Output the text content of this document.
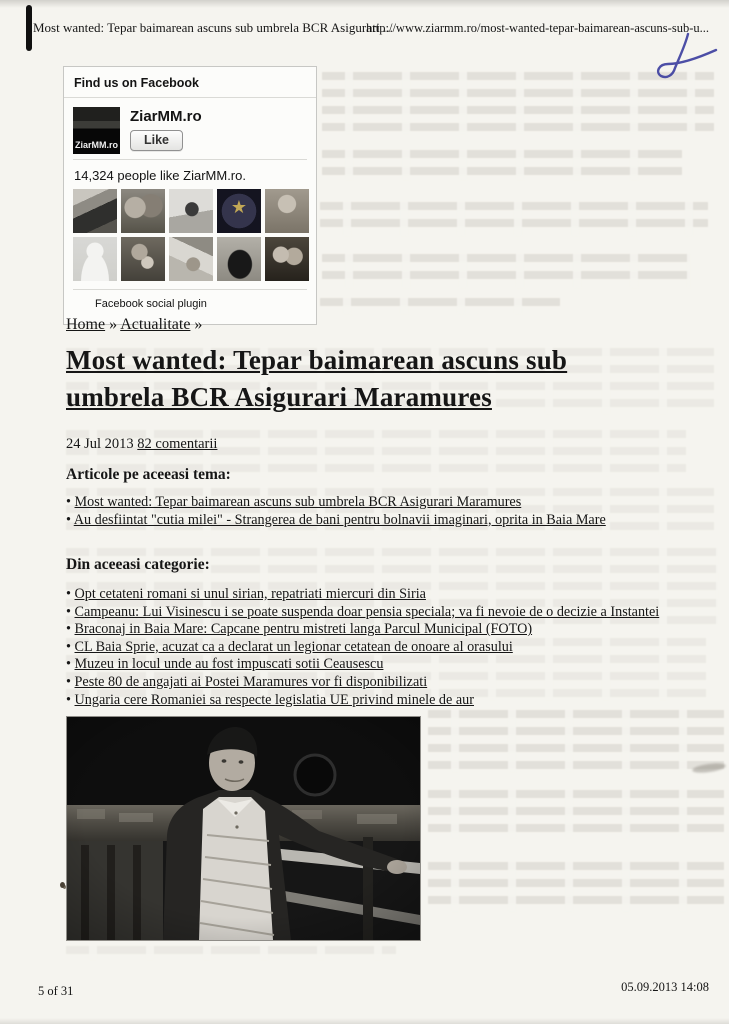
Most wanted: Tepar baimarean ascuns sub umbrela BCR Asigurari ...
http://www.ziarmm.ro/most-wanted-tepar-baimarean-ascuns-sub-u...
Find us on Facebook
ZiarMM.ro
ZiarMM.ro
Like
14,324 people like ZiarMM.ro.
★
Facebook social plugin
Home » Actualitate »
Most wanted: Tepar baimarean ascuns sub umbrela BCR Asigurari Maramures
24 Jul 2013 82 comentarii
Articole pe aceeasi tema:
• Most wanted: Tepar baimarean ascuns sub umbrela BCR Asigurari Maramures
• Au desfiintat "cutia milei" - Strangerea de bani pentru bolnavii imaginari, oprita in Baia Mare
Din aceeasi categorie:
• Opt cetateni romani si unul sirian, repatriati miercuri din Siria
• Campeanu: Lui Visinescu i se poate suspenda doar pensia speciala; va fi nevoie de o decizie a Instantei
• Braconaj in Baia Mare: Capcane pentru mistreti langa Parcul Municipal (FOTO)
• CL Baia Sprie, acuzat ca a declarat un legionar cetatean de onoare al orasului
• Muzeu in locul unde au fost impuscati sotii Ceausescu
• Peste 80 de angajati ai Postei Maramures vor fi disponibilizati
• Ungaria cere Romaniei sa respecte legislatia UE privind minele de aur
5 of 31	05.09.2013 14:08
